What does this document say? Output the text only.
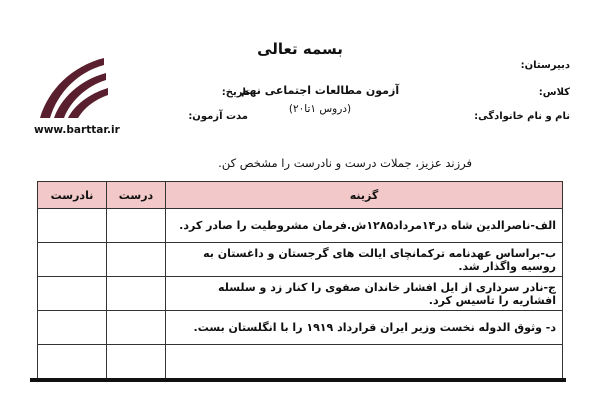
بسمه تعالی
آزمون مطالعات اجتماعی نهم
(دروس ۱تا۲۰)
دبیرستان:
کلاس:
نام و نام خانوادگی:
تاریخ:
مدت آزمون:
www.barttar.ir
فرزند عزیز، جملات درست و نادرست را مشخص کن.
گزینه	درست	نادرست
الف-ناصرالدین شاه در۱۴مرداد۱۲۸۵ش.فرمان مشروطیت را صادر کرد.		
ب-براساس عهدنامه ترکمانچای ایالت های گرجستان و داغستان به روسیه واگذار شد.		
ج-نادر سرداری از ایل افشار خاندان صفوی را کنار زد و سلسله افشاریه را تاسیس کرد.		
د- وثوق الدوله نخست وزیر ایران قرارداد ۱۹۱۹ را با انگلستان بست.		
